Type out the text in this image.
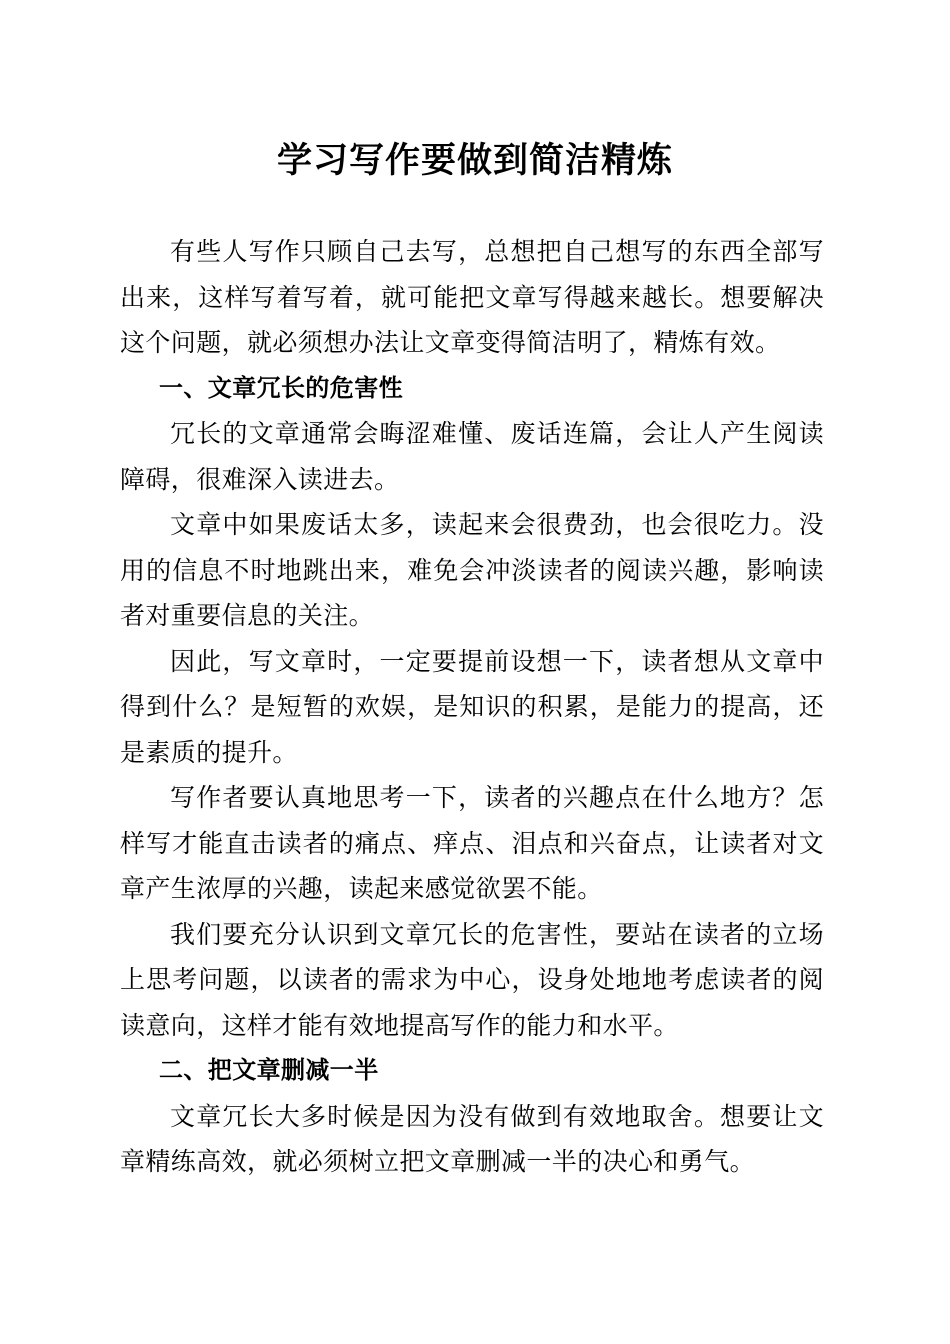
学习写作要做到简洁精炼

有些人写作只顾自己去写，总想把自己想写的东西全部写出来，这样写着写着，就可能把文章写得越来越长。想要解决这个问题，就必须想办法让文章变得简洁明了，精炼有效。

一、文章冗长的危害性

冗长的文章通常会晦涩难懂、废话连篇，会让人产生阅读障碍，很难深入读进去。

文章中如果废话太多，读起来会很费劲，也会很吃力。没用的信息不时地跳出来，难免会冲淡读者的阅读兴趣，影响读者对重要信息的关注。

因此，写文章时，一定要提前设想一下，读者想从文章中得到什么？是短暂的欢娱，是知识的积累，是能力的提高，还是素质的提升。

写作者要认真地思考一下，读者的兴趣点在什么地方？怎样写才能直击读者的痛点、痒点、泪点和兴奋点，让读者对文章产生浓厚的兴趣，读起来感觉欲罢不能。

我们要充分认识到文章冗长的危害性，要站在读者的立场上思考问题，以读者的需求为中心，设身处地地考虑读者的阅读意向，这样才能有效地提高写作的能力和水平。

二、把文章删减一半

文章冗长大多时候是因为没有做到有效地取舍。想要让文章精练高效，就必须树立把文章删减一半的决心和勇气。
